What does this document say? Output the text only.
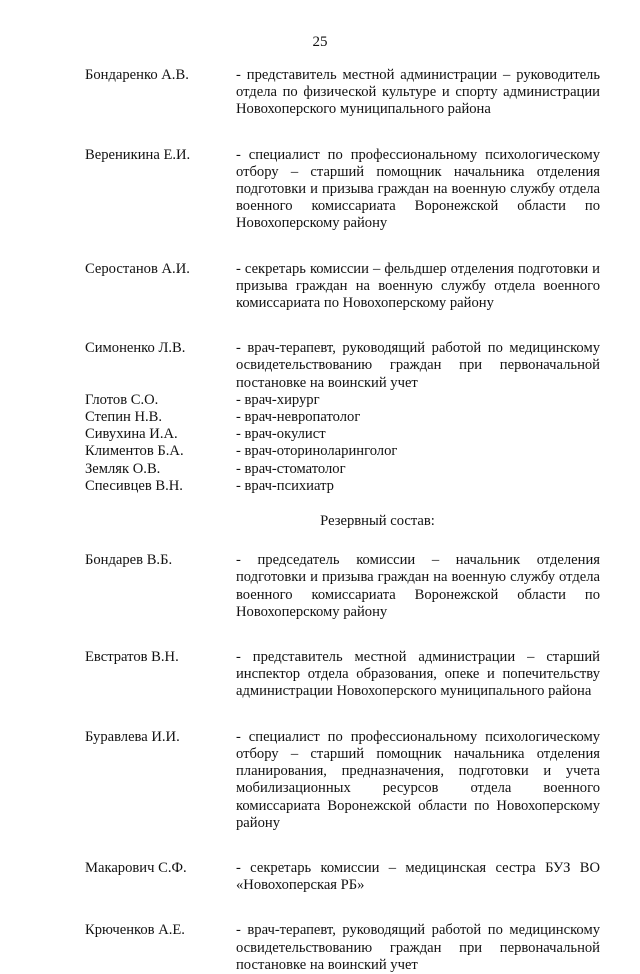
25
Бондаренко А.В.	- представитель местной администрации – руководитель отдела по физической культуре и спорту администрации Новохоперского муниципального района
Вереникина Е.И.	- специалист по профессиональному психологическому отбору – старший помощник начальника отделения подготовки и призыва граждан на военную службу отдела военного комиссариата Воронежской области по Новохоперскому району
Серостанов А.И.	- секретарь комиссии – фельдшер отделения подготовки и призыва граждан на военную службу отдела военного комиссариата по Новохоперскому району
Симоненко Л.В.	- врач-терапевт, руководящий работой по медицинскому освидетельствованию граждан при первоначальной постановке на воинский учет
Глотов С.О.	- врач-хирург
Степин Н.В.	- врач-невропатолог
Сивухина И.А.	- врач-окулист
Климентов Б.А.	- врач-оториноларинголог
Земляк О.В.	- врач-стоматолог
Спесивцев В.Н.	- врач-психиатр
Резервный состав:
Бондарев В.Б.	- председатель комиссии – начальник отделения подготовки и призыва граждан на военную службу отдела военного комиссариата Воронежской области по Новохоперскому району
Евстратов В.Н.	- представитель местной администрации – старший инспектор отдела образования, опеке и попечительству администрации Новохоперского муниципального района
Буравлева И.И.	- специалист по профессиональному психологическому отбору – старший помощник начальника отделения планирования, предназначения, подготовки и учета мобилизационных ресурсов отдела военного комиссариата Воронежской области по Новохоперскому району
Макарович С.Ф.	- секретарь комиссии – медицинская сестра БУЗ ВО «Новохоперская РБ»
Крюченков А.Е.	- врач-терапевт, руководящий работой по медицинскому освидетельствованию граждан при первоначальной постановке на воинский учет
